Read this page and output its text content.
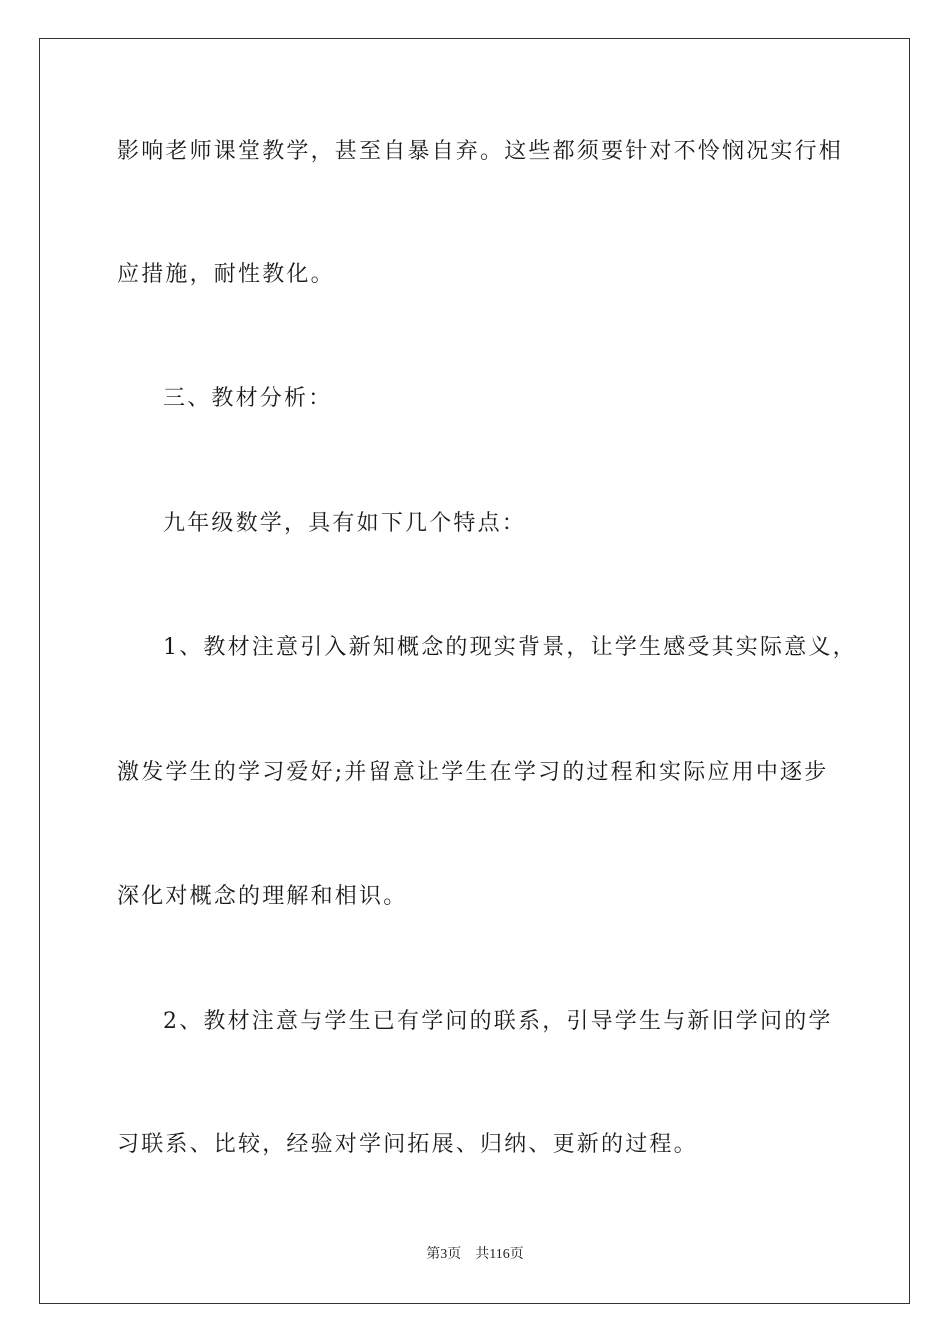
影响老师课堂教学，甚至自暴自弃。这些都须要针对不怜悯况实行相
应措施，耐性教化。
三、教材分析：
九年级数学，具有如下几个特点：
1、教材注意引入新知概念的现实背景，让学生感受其实际意义，
激发学生的学习爱好;并留意让学生在学习的过程和实际应用中逐步
深化对概念的理解和相识。
2、教材注意与学生已有学问的联系，引导学生与新旧学问的学
习联系、比较，经验对学问拓展、归纳、更新的过程。
第3页 共116页
